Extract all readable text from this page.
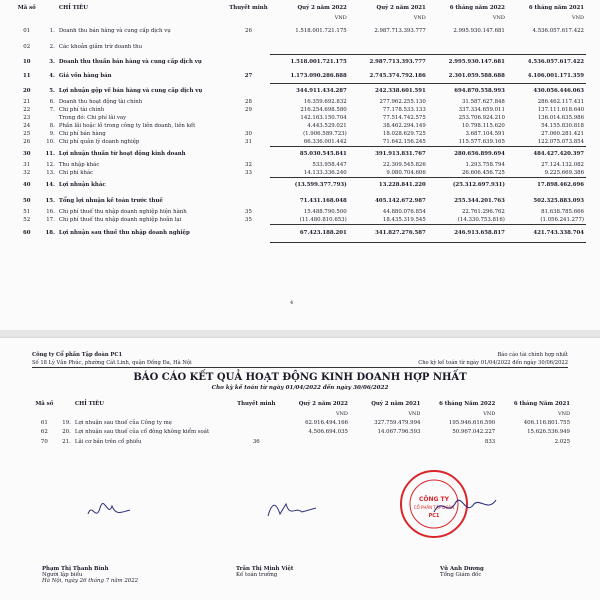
Mã số		CHỈ TIÊU	Thuyết minh	Quý 2 năm 2022	Quý 2 năm 2021	6 tháng năm 2022	6 tháng năm 2021
				VND	VND	VND	VND
01	1.	Doanh thu bán hàng và cung cấp dịch vụ	26	1.518.001.721.175	2.987.713.393.777	2.995.930.147.681	4.536.057.617.422
02	2.	Các khoản giảm trừ doanh thu					
10	3.	Doanh thu thuần bán hàng và cung cấp dịch vụ		1.518.001.721.175	2.987.713.393.777	2.995.930.147.681	4.536.057.617.422
11	4.	Giá vốn hàng bán	27	1.173.090.286.888	2.745.374.792.186	2.301.059.588.688	4.106.001.171.359
20	5.	Lợi nhuận gộp về bán hàng và cung cấp dịch vụ		344.911.434.287	242.338.601.591	694.870.558.993	430.056.446.063
21	6.	Doanh thu hoạt động tài chính	28	16.359.692.832	277.962.255.130	31.587.627.848	286.462.117.431
22	7.	Chi phí tài chính	29	216.254.698.580	77.178.533.133	337.334.659.011	137.111.618.640
23		Trong đó: Chi phí lãi vay		142.163.150.704	77.514.742.575	253.706.924.210	136.014.635.986
24	8.	Phần lãi hoặc lỗ trong công ty liên doanh, liên kết		4.443.529.021	38.462.294.149	10.798.115.620	54.155.830.818
25	9.	Chi phí bán hàng	30	(1.906.589.723)	18.028.629.725	3.687.104.591	27.060.281.421
26	10.	Chi phí quản lý doanh nghiệp	31	66.336.001.442	71.642.156.245	115.577.639.165	122.075.073.854
30	11.	Lợi nhuận thuần từ hoạt động kinh doanh		85.030.545.841	391.913.831.767	280.656.899.694	484.427.420.397
31	12.	Thu nhập khác	32	533.958.447	22.309.545.826	1.293.758.794	27.124.132.082
32	13.	Chi phí khác	33	14.133.336.240	9.080.704.606	26.606.456.725	9.225.669.386
40	14.	Lợi nhuận khác		(13.599.377.793)	13.228.841.220	(25.312.697.931)	17.898.462.696
50	15.	Tổng lợi nhuận kế toán trước thuế		71.431.168.048	405.142.672.987	255.344.201.763	502.325.883.093
51	16.	Chi phí thuế thu nhập doanh nghiệp hiện hành	35	15.488.790.500	44.880.076.854	22.761.296.762	81.638.785.666
52	17.	Chi phí thuế thu nhập doanh nghiệp hoãn lại	35	(11.480.810.653)	18.435.319.545	(14.330.753.816)	(1.056.241.277)
60	18.	Lợi nhuận sau thuế thu nhập doanh nghiệp		67.423.188.201	341.827.276.587	246.913.658.817	421.743.338.704
4
Công ty Cổ phần Tập đoàn PC1
Số 18 Lý Văn Phúc, phường Cát Linh, quận Đống Đa, Hà Nội
Báo cáo tài chính hợp nhất
Cho kỳ kế toán từ ngày 01/04/2022 đến ngày 30/06/2022
BÁO CÁO KẾT QUẢ HOẠT ĐỘNG KINH DOANH HỢP NHẤT
Cho kỳ kế toán từ ngày 01/04/2022 đến ngày 30/06/2022
Mã số		CHỈ TIÊU	Thuyết minh	Quý 2 năm 2022	Quý 2 năm 2021	6 tháng Năm 2022	6 tháng Năm 2021
				VND	VND	VND	VND
61	19.	Lợi nhuận sau thuế của Công ty mẹ		62.916.494.166	327.759.479.994	195.946.616.590	406.116.801.755
62	20.	Lợi nhuận sau thuế của cổ đông không kiểm soát		4.506.694.035	14.067.796.593	50.967.042.227	15.626.536.949
70	21.	Lãi cơ bản trên cổ phiếu	36			833	2.025
CÔNG TY
CỔ PHẦN TẬP ĐOÀN
PC1
Phạm Thị Thanh Bình
Người lập biểu
Hà Nội, ngày 26 tháng 7 năm 2022
Trần Thị Minh Việt
Kế toán trưởng
Vũ Anh Dương
Tổng Giám đốc
